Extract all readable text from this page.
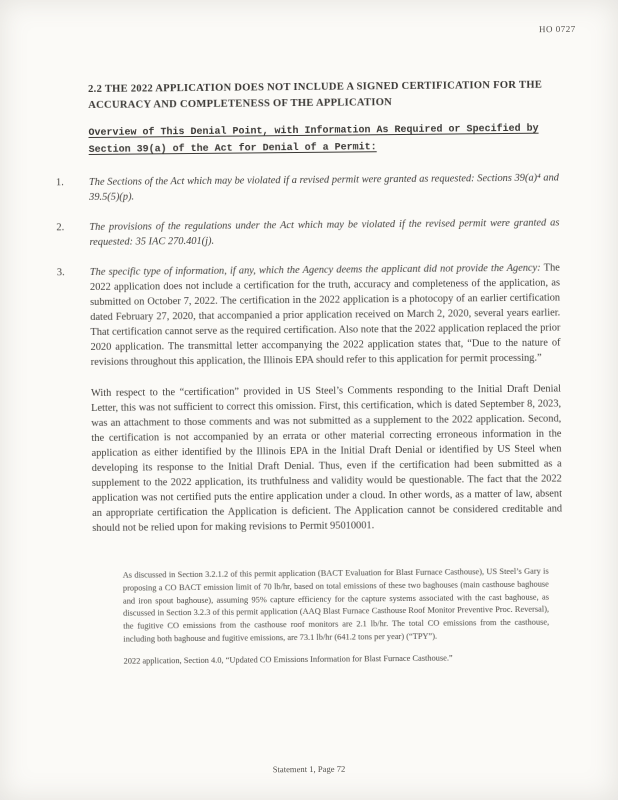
HO 0727
2.2 THE 2022 APPLICATION DOES NOT INCLUDE A SIGNED CERTIFICATION FOR THE ACCURACY AND COMPLETENESS OF THE APPLICATION
Overview of This Denial Point, with Information As Required or Specified by Section 39(a) of the Act for Denial of a Permit:
1. The Sections of the Act which may be violated if a revised permit were granted as requested: Sections 39(a)⁴ and 39.5(5)(p).
2. The provisions of the regulations under the Act which may be violated if the revised permit were granted as requested: 35 IAC 270.401(j).
3. The specific type of information, if any, which the Agency deems the applicant did not provide the Agency: The 2022 application does not include a certification for the truth, accuracy and completeness of the application, as submitted on October 7, 2022. The certification in the 2022 application is a photocopy of an earlier certification dated February 27, 2020, that accompanied a prior application received on March 2, 2020, several years earlier. That certification cannot serve as the required certification. Also note that the 2022 application replaced the prior 2020 application. The transmittal letter accompanying the 2022 application states that, “Due to the nature of revisions throughout this application, the Illinois EPA should refer to this application for permit processing.”
With respect to the “certification” provided in US Steel’s Comments responding to the Initial Draft Denial Letter, this was not sufficient to correct this omission. First, this certification, which is dated September 8, 2023, was an attachment to those comments and was not submitted as a supplement to the 2022 application. Second, the certification is not accompanied by an errata or other material correcting erroneous information in the application as either identified by the Illinois EPA in the Initial Draft Denial or identified by US Steel when developing its response to the Initial Draft Denial. Thus, even if the certification had been submitted as a supplement to the 2022 application, its truthfulness and validity would be questionable. The fact that the 2022 application was not certified puts the entire application under a cloud. In other words, as a matter of law, absent an appropriate certification the Application is deficient. The Application cannot be considered creditable and should not be relied upon for making revisions to Permit 95010001.

As discussed in Section 3.2.1.2 of this permit application (BACT Evaluation for Blast Furnace Casthouse), US Steel’s Gary is proposing a CO BACT emission limit of 70 lb/hr, based on total emissions of these two baghouses (main casthouse baghouse and iron spout baghouse), assuming 95% capture efficiency for the capture systems associated with the cast baghouse, as discussed in Section 3.2.3 of this permit application (AAQ Blast Furnace Casthouse Roof Monitor Preventive Proc. Reversal), the fugitive CO emissions from the casthouse roof monitors are 2.1 lb/hr. The total CO emissions from the casthouse, including both baghouse and fugitive emissions, are 73.1 lb/hr (641.2 tons per year) (“TPY”).

2022 application, Section 4.0, “Updated CO Emissions Information for Blast Furnace Casthouse.”

Statement 1, Page 72
